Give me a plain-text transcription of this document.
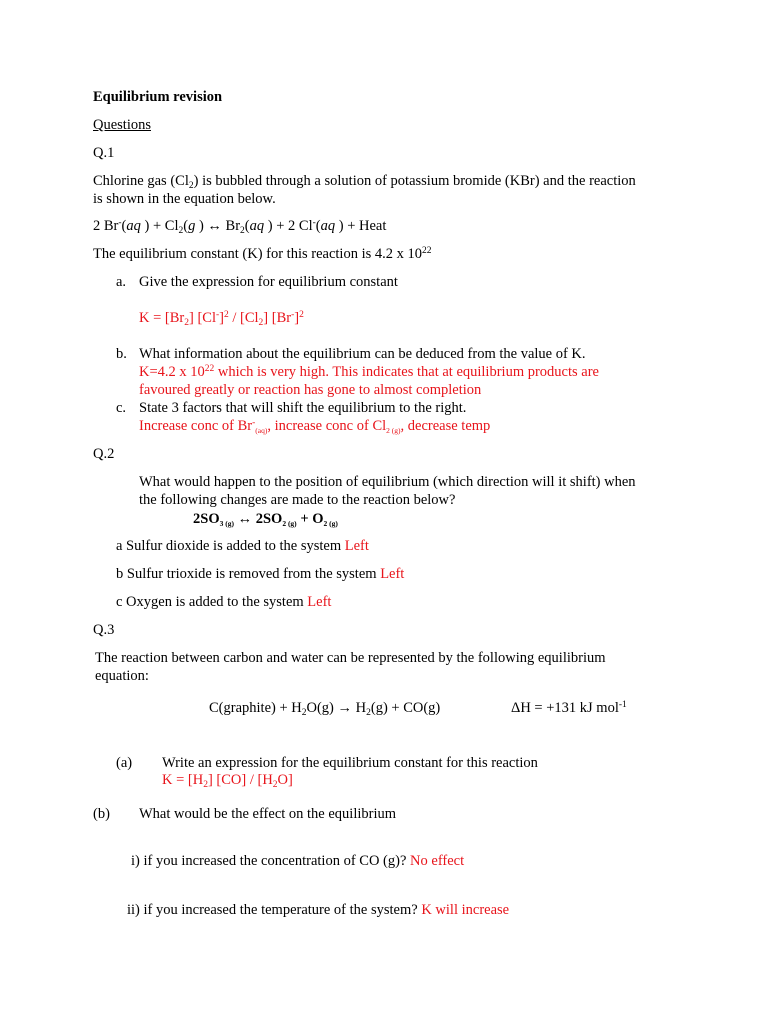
Equilibrium revision
Questions
Q.1
Chlorine gas $(Cl_2)$ is bubbled through a solution of potassium bromide (KBr) and the reaction
is shown in the equation below.
2 Br-(aq ) + $Cl_2(g$ ) ↔ $Br_2(aq$ ) + 2 Cl-(aq ) + Heat
The equilibrium constant (K) for this reaction is 4.2 x $10^{22}$
a. Give the expression for equilibrium constant
$K = [Br_2]$ $[Cl^-]^2 / [Cl_2]$ $[Br^-]^2$
b. What information about the equilibrium can be deduced from the value of K.
K=4.2 x $10^{22}$ which is very high. This indicates that at equilibrium products are
favoured greatly or reaction has gone to almost completion
c. State 3 factors that will shift the equilibrium to the right.
Increase conc of $Br^-_{(aq)}$, increase conc of $Cl_{2 (g)}$, decrease temp
Q.2
What would happen to the position of equilibrium (which direction will it shift) when
the following changes are made to the reaction below?
$2SO_{3 (g)}$ ↔ $2SO_{2 (g)} + O_{2 (g)}$
a Sulfur dioxide is added to the system Left
b Sulfur trioxide is removed from the system Left
c Oxygen is added to the system Left
Q.3
The reaction between carbon and water can be represented by the following equilibrium
equation:
C(graphite) + $H_2O(g) \to H_2(g) + CO(g)$	ΔH = +131 kJ mol$^{-1}$
(a) Write an expression for the equilibrium constant for this reaction
$K = [H_2]$ $[CO] / [H_2O]$
(b) What would be the effect on the equilibrium
i) if you increased the concentration of CO (g)? No effect
ii) if you increased the temperature of the system? K will increase
